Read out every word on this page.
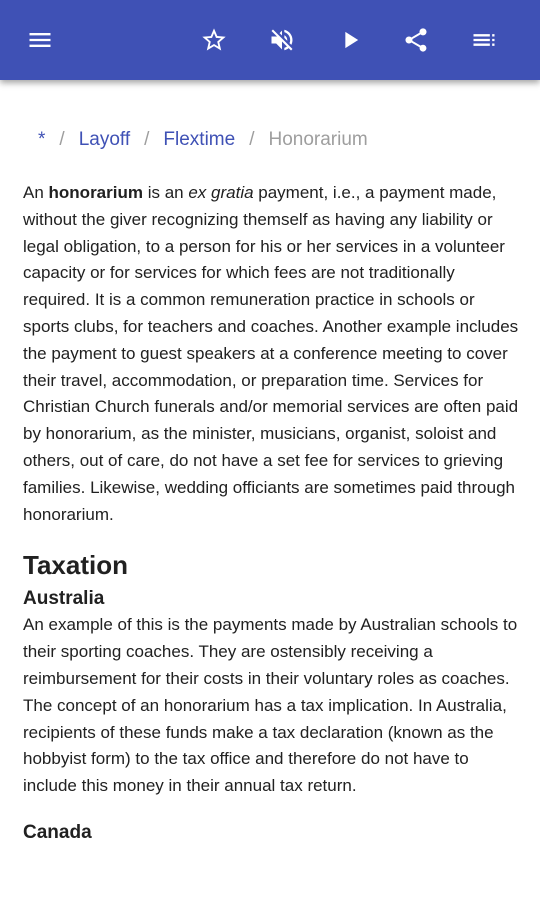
* / Layoff / Flextime / Honorarium

An honorarium is an ex gratia payment, i.e., a payment made, without the giver recognizing themself as having any liability or legal obligation, to a person for his or her services in a volunteer capacity or for services for which fees are not traditionally required. It is a common remuneration practice in schools or sports clubs, for teachers and coaches. Another example includes the payment to guest speakers at a conference meeting to cover their travel, accommodation, or preparation time. Services for Christian Church funerals and/or memorial services are often paid by honorarium, as the minister, musicians, organist, soloist and others, out of care, do not have a set fee for services to grieving families. Likewise, wedding officiants are sometimes paid through honorarium.

Taxation
Australia

An example of this is the payments made by Australian schools to their sporting coaches. They are ostensibly receiving a reimbursement for their costs in their voluntary roles as coaches. The concept of an honorarium has a tax implication. In Australia, recipients of these funds make a tax declaration (known as the hobbyist form) to the tax office and therefore do not have to include this money in their annual tax return.

Canada
